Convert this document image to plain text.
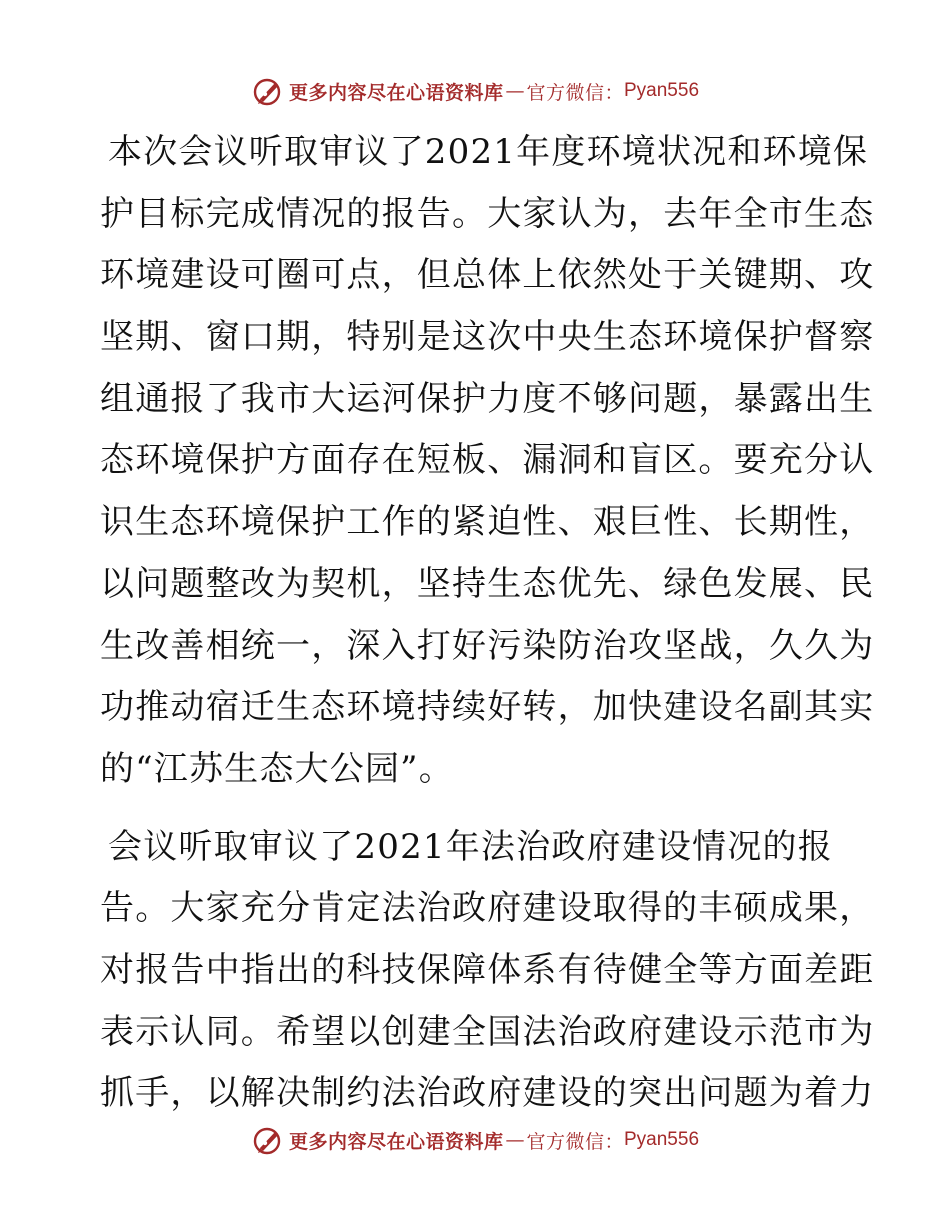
更多内容尽在心语资料库 — 官方微信： Pyan556
本次会议听取审议了2021年度环境状况和环境保
护目标完成情况的报告。大家认为，去年全市生态
环境建设可圈可点，但总体上依然处于关键期、攻
坚期、窗口期，特别是这次中央生态环境保护督察
组通报了我市大运河保护力度不够问题，暴露出生
态环境保护方面存在短板、漏洞和盲区。要充分认
识生态环境保护工作的紧迫性、艰巨性、长期性，
以问题整改为契机，坚持生态优先、绿色发展、民
生改善相统一，深入打好污染防治攻坚战，久久为
功推动宿迁生态环境持续好转，加快建设名副其实
的“江苏生态大公园”。
会议听取审议了2021年法治政府建设情况的报
告。大家充分肯定法治政府建设取得的丰硕成果，
对报告中指出的科技保障体系有待健全等方面差距
表示认同。希望以创建全国法治政府建设示范市为
抓手，以解决制约法治政府建设的突出问题为着力
更多内容尽在心语资料库 — 官方微信： Pyan556
